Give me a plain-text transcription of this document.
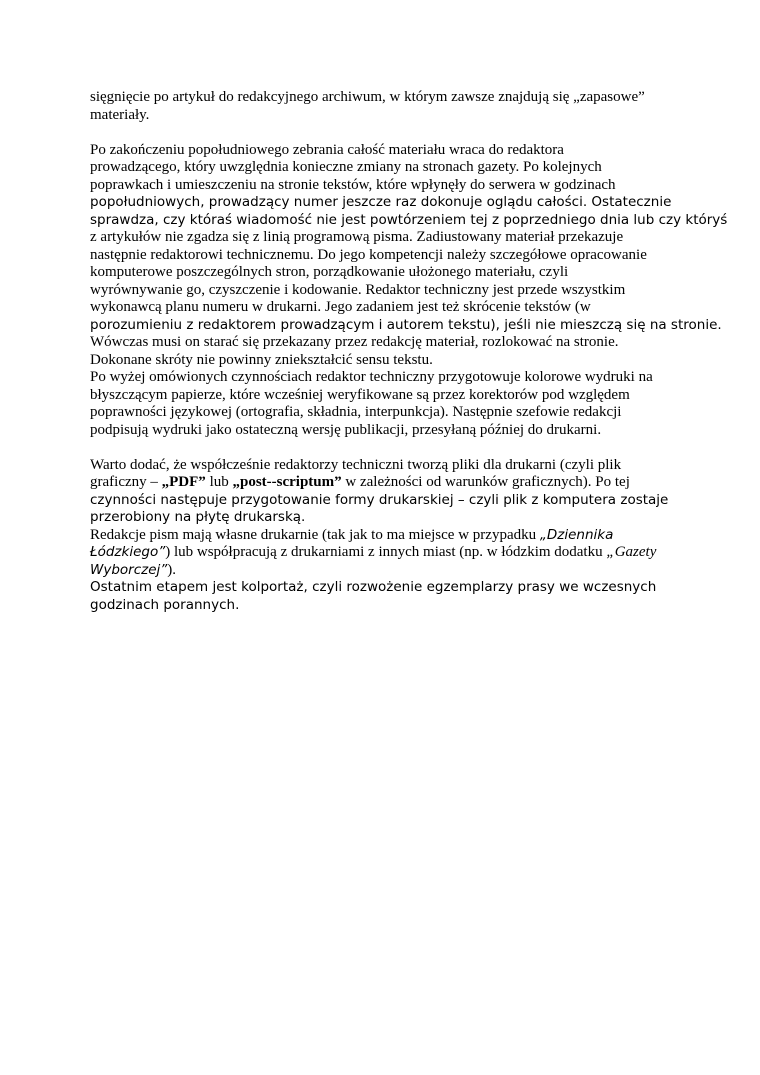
sięgnięcie po artykuł do redakcyjnego archiwum, w którym zawsze znajdują się „zapasowe”
materiały.
Po zakończeniu popołudniowego zebrania całość materiału wraca do redaktora
prowadzącego, który uwzględnia konieczne zmiany na stronach gazety. Po kolejnych
poprawkach i umieszczeniu na stronie tekstów, które wpłynęły do serwera w godzinach
popołudniowych, prowadzący numer jeszcze raz dokonuje oglądu całości. Ostatecznie
sprawdza, czy któraś wiadomość nie jest powtórzeniem tej z poprzedniego dnia lub czy któryś
z artykułów nie zgadza się z linią programową pisma. Zadiustowany materiał przekazuje
następnie redaktorowi technicznemu. Do jego kompetencji należy szczegółowe opracowanie
komputerowe poszczególnych stron, porządkowanie ułożonego materiału, czyli
wyrównywanie go, czyszczenie i kodowanie. Redaktor techniczny jest przede wszystkim
wykonawcą planu numeru w drukarni. Jego zadaniem jest też skrócenie tekstów (w
porozumieniu z redaktorem prowadzącym i autorem tekstu), jeśli nie mieszczą się na stronie.
Wówczas musi on starać się przekazany przez redakcję materiał, rozlokować na stronie.
Dokonane skróty nie powinny zniekształcić sensu tekstu.
Po wyżej omówionych czynnościach redaktor techniczny przygotowuje kolorowe wydruki na
błyszczącym papierze, które wcześniej weryfikowane są przez korektorów pod względem
poprawności językowej (ortografia, składnia, interpunkcja). Następnie szefowie redakcji
podpisują wydruki jako ostateczną wersję publikacji, przesyłaną później do drukarni.
Warto dodać, że współcześnie redaktorzy techniczni tworzą pliki dla drukarni (czyli plik
graficzny – „PDF” lub „post--scriptum” w zależności od warunków graficznych). Po tej
czynności następuje przygotowanie formy drukarskiej – czyli plik z komputera zostaje
przerobiony na płytę drukarską.
Redakcje pism mają własne drukarnie (tak jak to ma miejsce w przypadku „Dziennika
Łódzkiego”) lub współpracują z drukarniami z innych miast (np. w łódzkim dodatku „Gazety
Wyborczej”).
Ostatnim etapem jest kolportaż, czyli rozwożenie egzemplarzy prasy we wczesnych
godzinach porannych.
